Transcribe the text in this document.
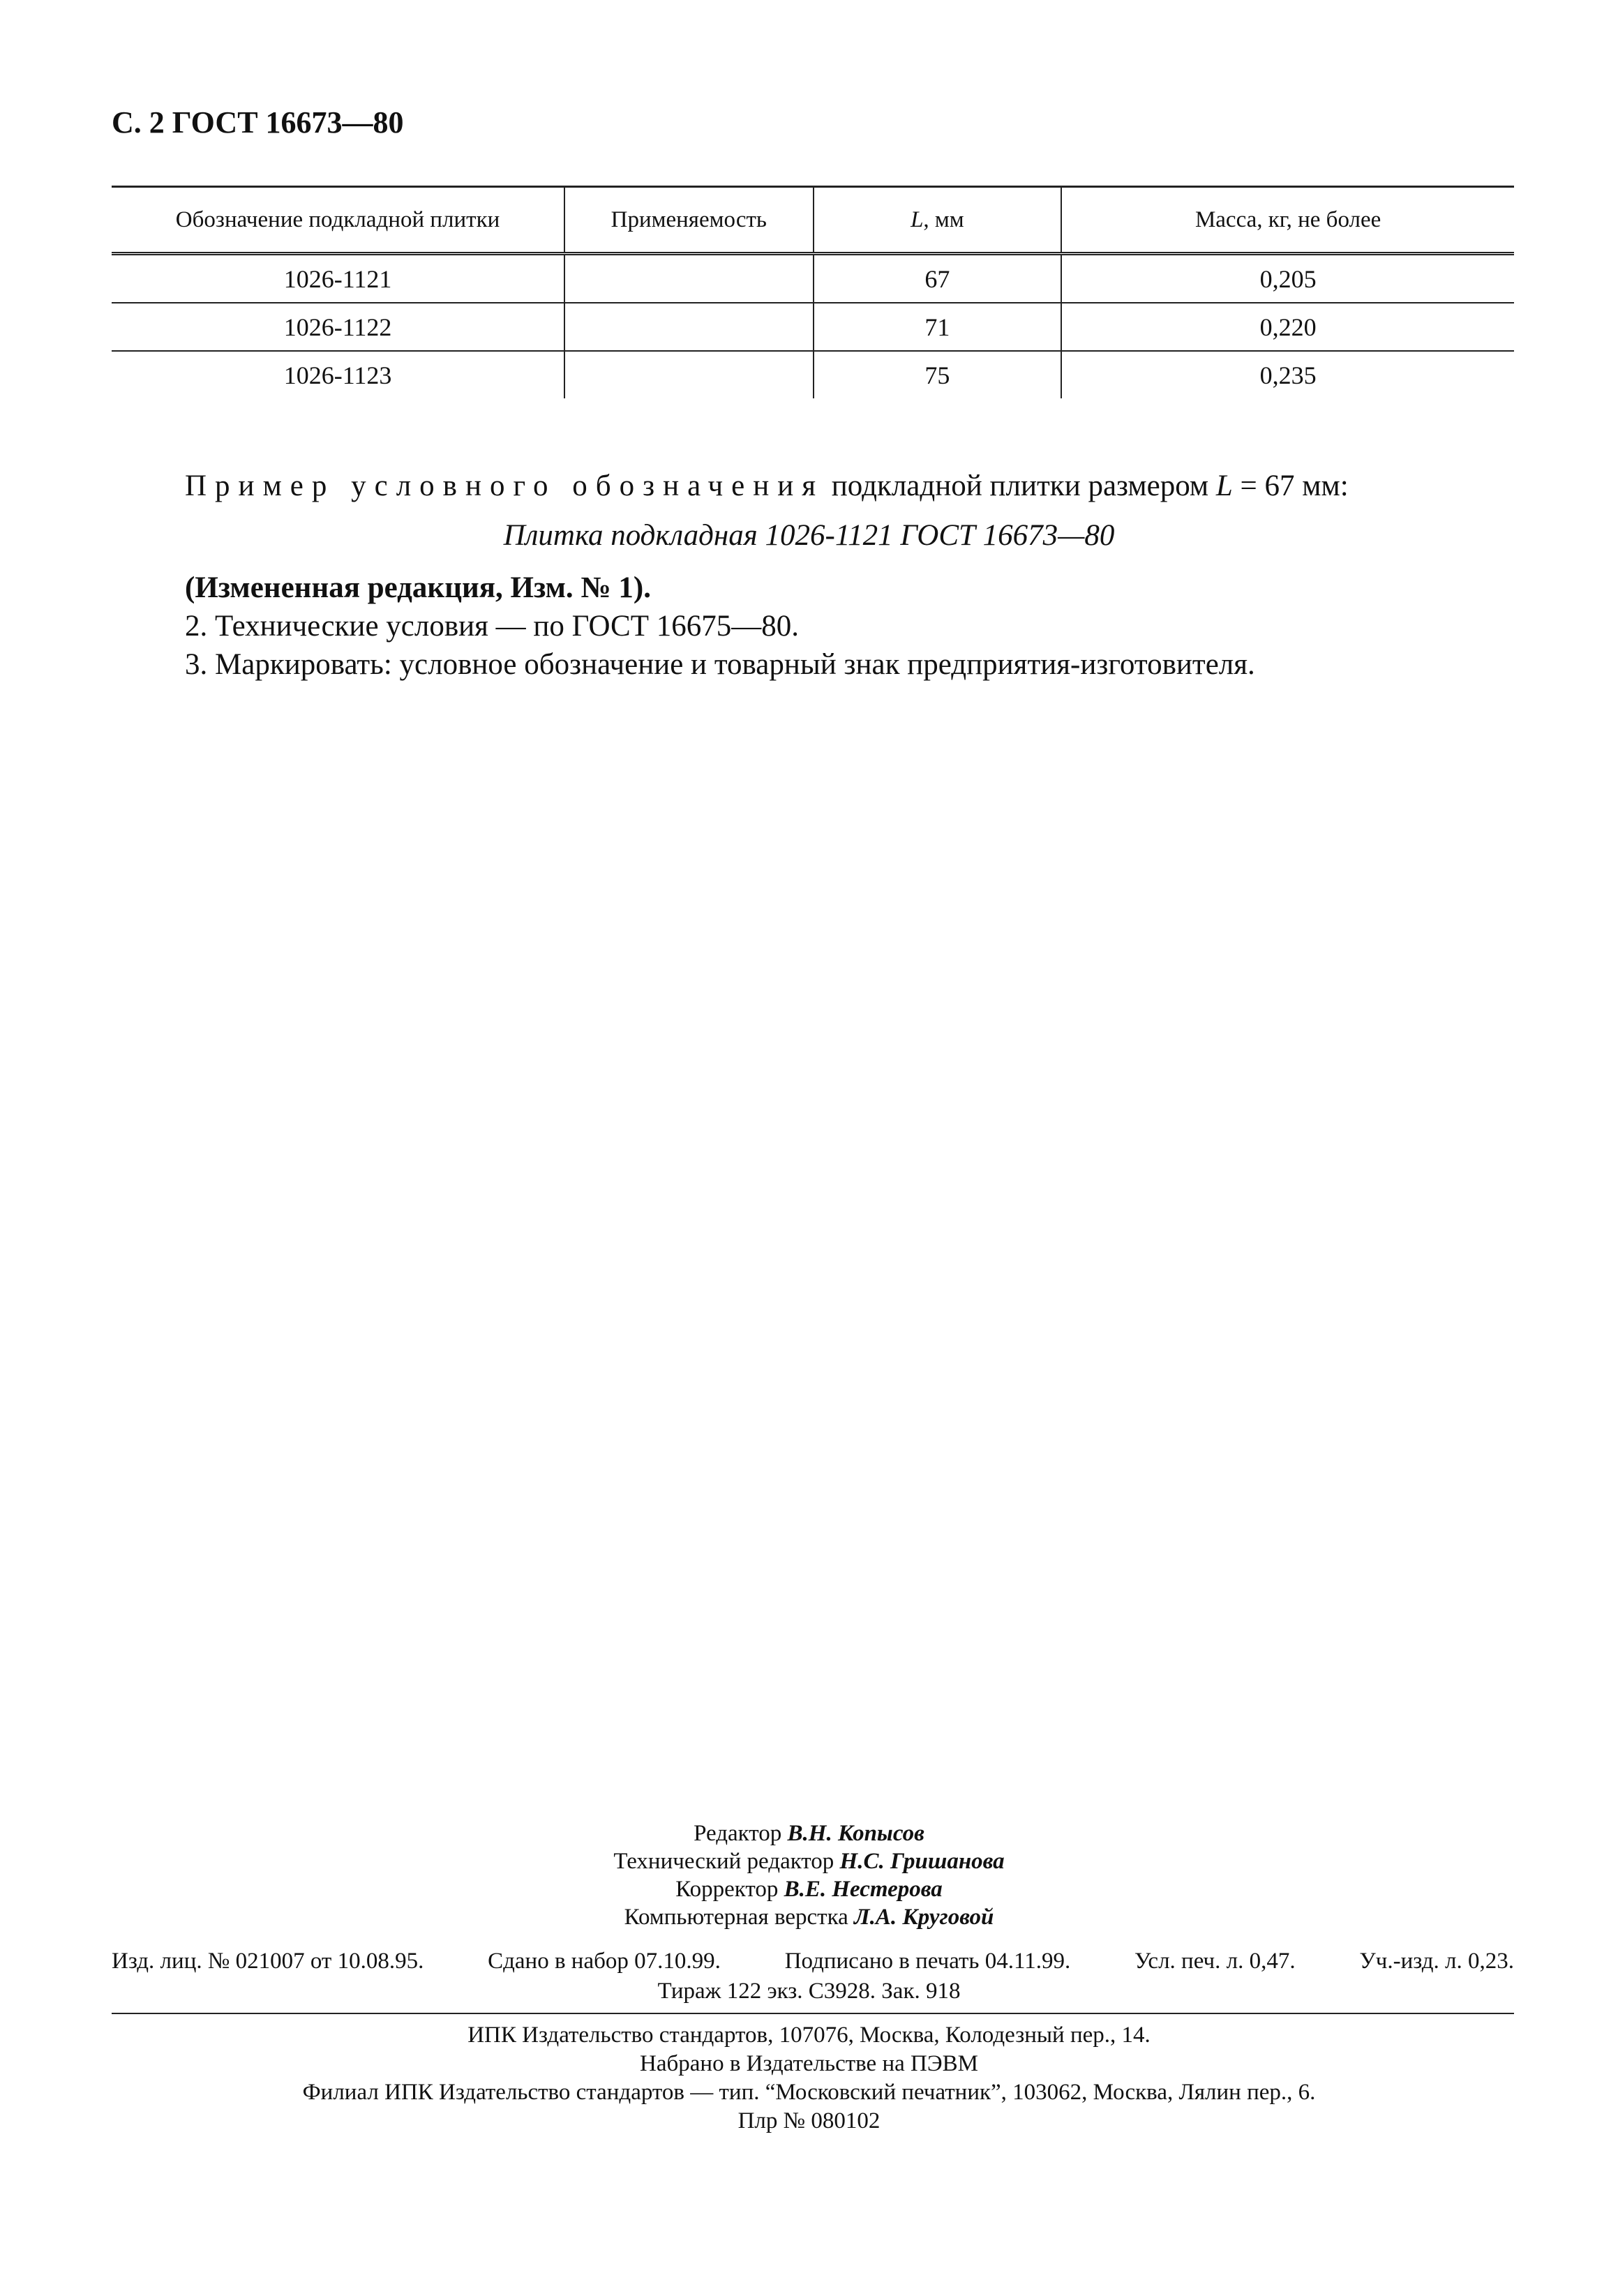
С. 2 ГОСТ 16673—80
Обозначение подкладной плитки	Применяемость	L, мм	Масса, кг, не более
1026-1121		67	0,205
1026-1122		71	0,220
1026-1123		75	0,235
Пример условного обозначения подкладной плитки размером L = 67 мм:
Плитка подкладная 1026-1121 ГОСТ 16673—80
(Измененная редакция, Изм. № 1).
2. Технические условия — по ГОСТ 16675—80.
3. Маркировать: условное обозначение и товарный знак предприятия-изготовителя.
Редактор В.Н. Копысов
Технический редактор Н.С. Гришанова
Корректор В.Е. Нестерова
Компьютерная верстка Л.А. Круговой
Изд. лиц. № 021007 от 10.08.95.	Сдано в набор 07.10.99.	Подписано в печать 04.11.99.	Усл. печ. л. 0,47.	Уч.-изд. л. 0,23.
Тираж 122 экз. С3928. Зак. 918
ИПК Издательство стандартов, 107076, Москва, Колодезный пер., 14.
Набрано в Издательстве на ПЭВМ
Филиал ИПК Издательство стандартов — тип. “Московский печатник”, 103062, Москва, Лялин пер., 6.
Плр № 080102
